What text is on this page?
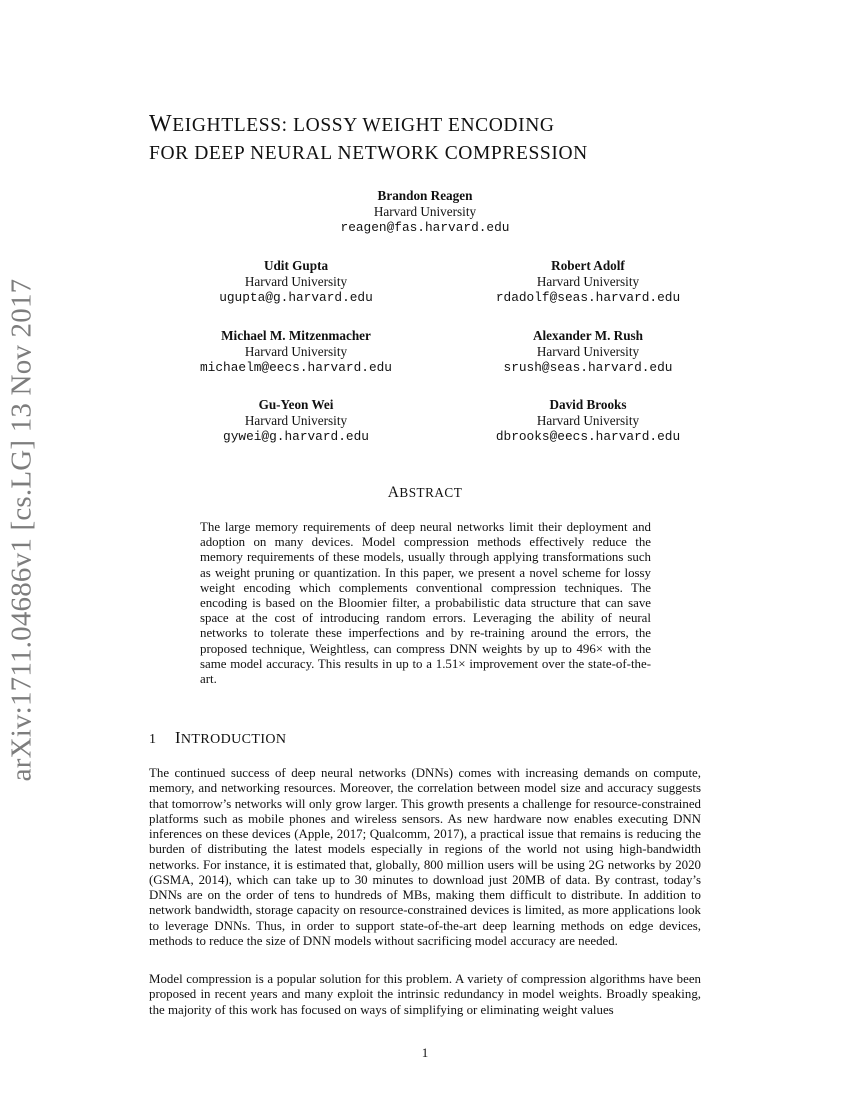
arXiv:1711.04686v1 [cs.LG] 13 Nov 2017
WEIGHTLESS: LOSSY WEIGHT ENCODING
FOR DEEP NEURAL NETWORK COMPRESSION
Brandon Reagen
Harvard University
reagen@fas.harvard.edu
Udit Gupta
Harvard University
ugupta@g.harvard.edu
Robert Adolf
Harvard University
rdadolf@seas.harvard.edu
Michael M. Mitzenmacher
Harvard University
michaelm@eecs.harvard.edu
Alexander M. Rush
Harvard University
srush@seas.harvard.edu
Gu-Yeon Wei
Harvard University
gywei@g.harvard.edu
David Brooks
Harvard University
dbrooks@eecs.harvard.edu
ABSTRACT
The large memory requirements of deep neural networks limit their deployment and adoption on many devices. Model compression methods effectively reduce the memory requirements of these models, usually through applying transformations such as weight pruning or quantization. In this paper, we present a novel scheme for lossy weight encoding which complements conventional compression techniques. The encoding is based on the Bloomier filter, a probabilistic data structure that can save space at the cost of introducing random errors. Leveraging the ability of neural networks to tolerate these imperfections and by re-training around the errors, the proposed technique, Weightless, can compress DNN weights by up to 496× with the same model accuracy. This results in up to a 1.51× improvement over the state-of-the-art.
1 INTRODUCTION
The continued success of deep neural networks (DNNs) comes with increasing demands on compute, memory, and networking resources. Moreover, the correlation between model size and accuracy suggests that tomorrow’s networks will only grow larger. This growth presents a challenge for resource-constrained platforms such as mobile phones and wireless sensors. As new hardware now enables executing DNN inferences on these devices (Apple, 2017; Qualcomm, 2017), a practical issue that remains is reducing the burden of distributing the latest models especially in regions of the world not using high-bandwidth networks. For instance, it is estimated that, globally, 800 million users will be using 2G networks by 2020 (GSMA, 2014), which can take up to 30 minutes to download just 20MB of data. By contrast, today’s DNNs are on the order of tens to hundreds of MBs, making them difficult to distribute. In addition to network bandwidth, storage capacity on resource-constrained devices is limited, as more applications look to leverage DNNs. Thus, in order to support state-of-the-art deep learning methods on edge devices, methods to reduce the size of DNN models without sacrificing model accuracy are needed.
Model compression is a popular solution for this problem. A variety of compression algorithms have been proposed in recent years and many exploit the intrinsic redundancy in model weights. Broadly speaking, the majority of this work has focused on ways of simplifying or eliminating weight values
1
